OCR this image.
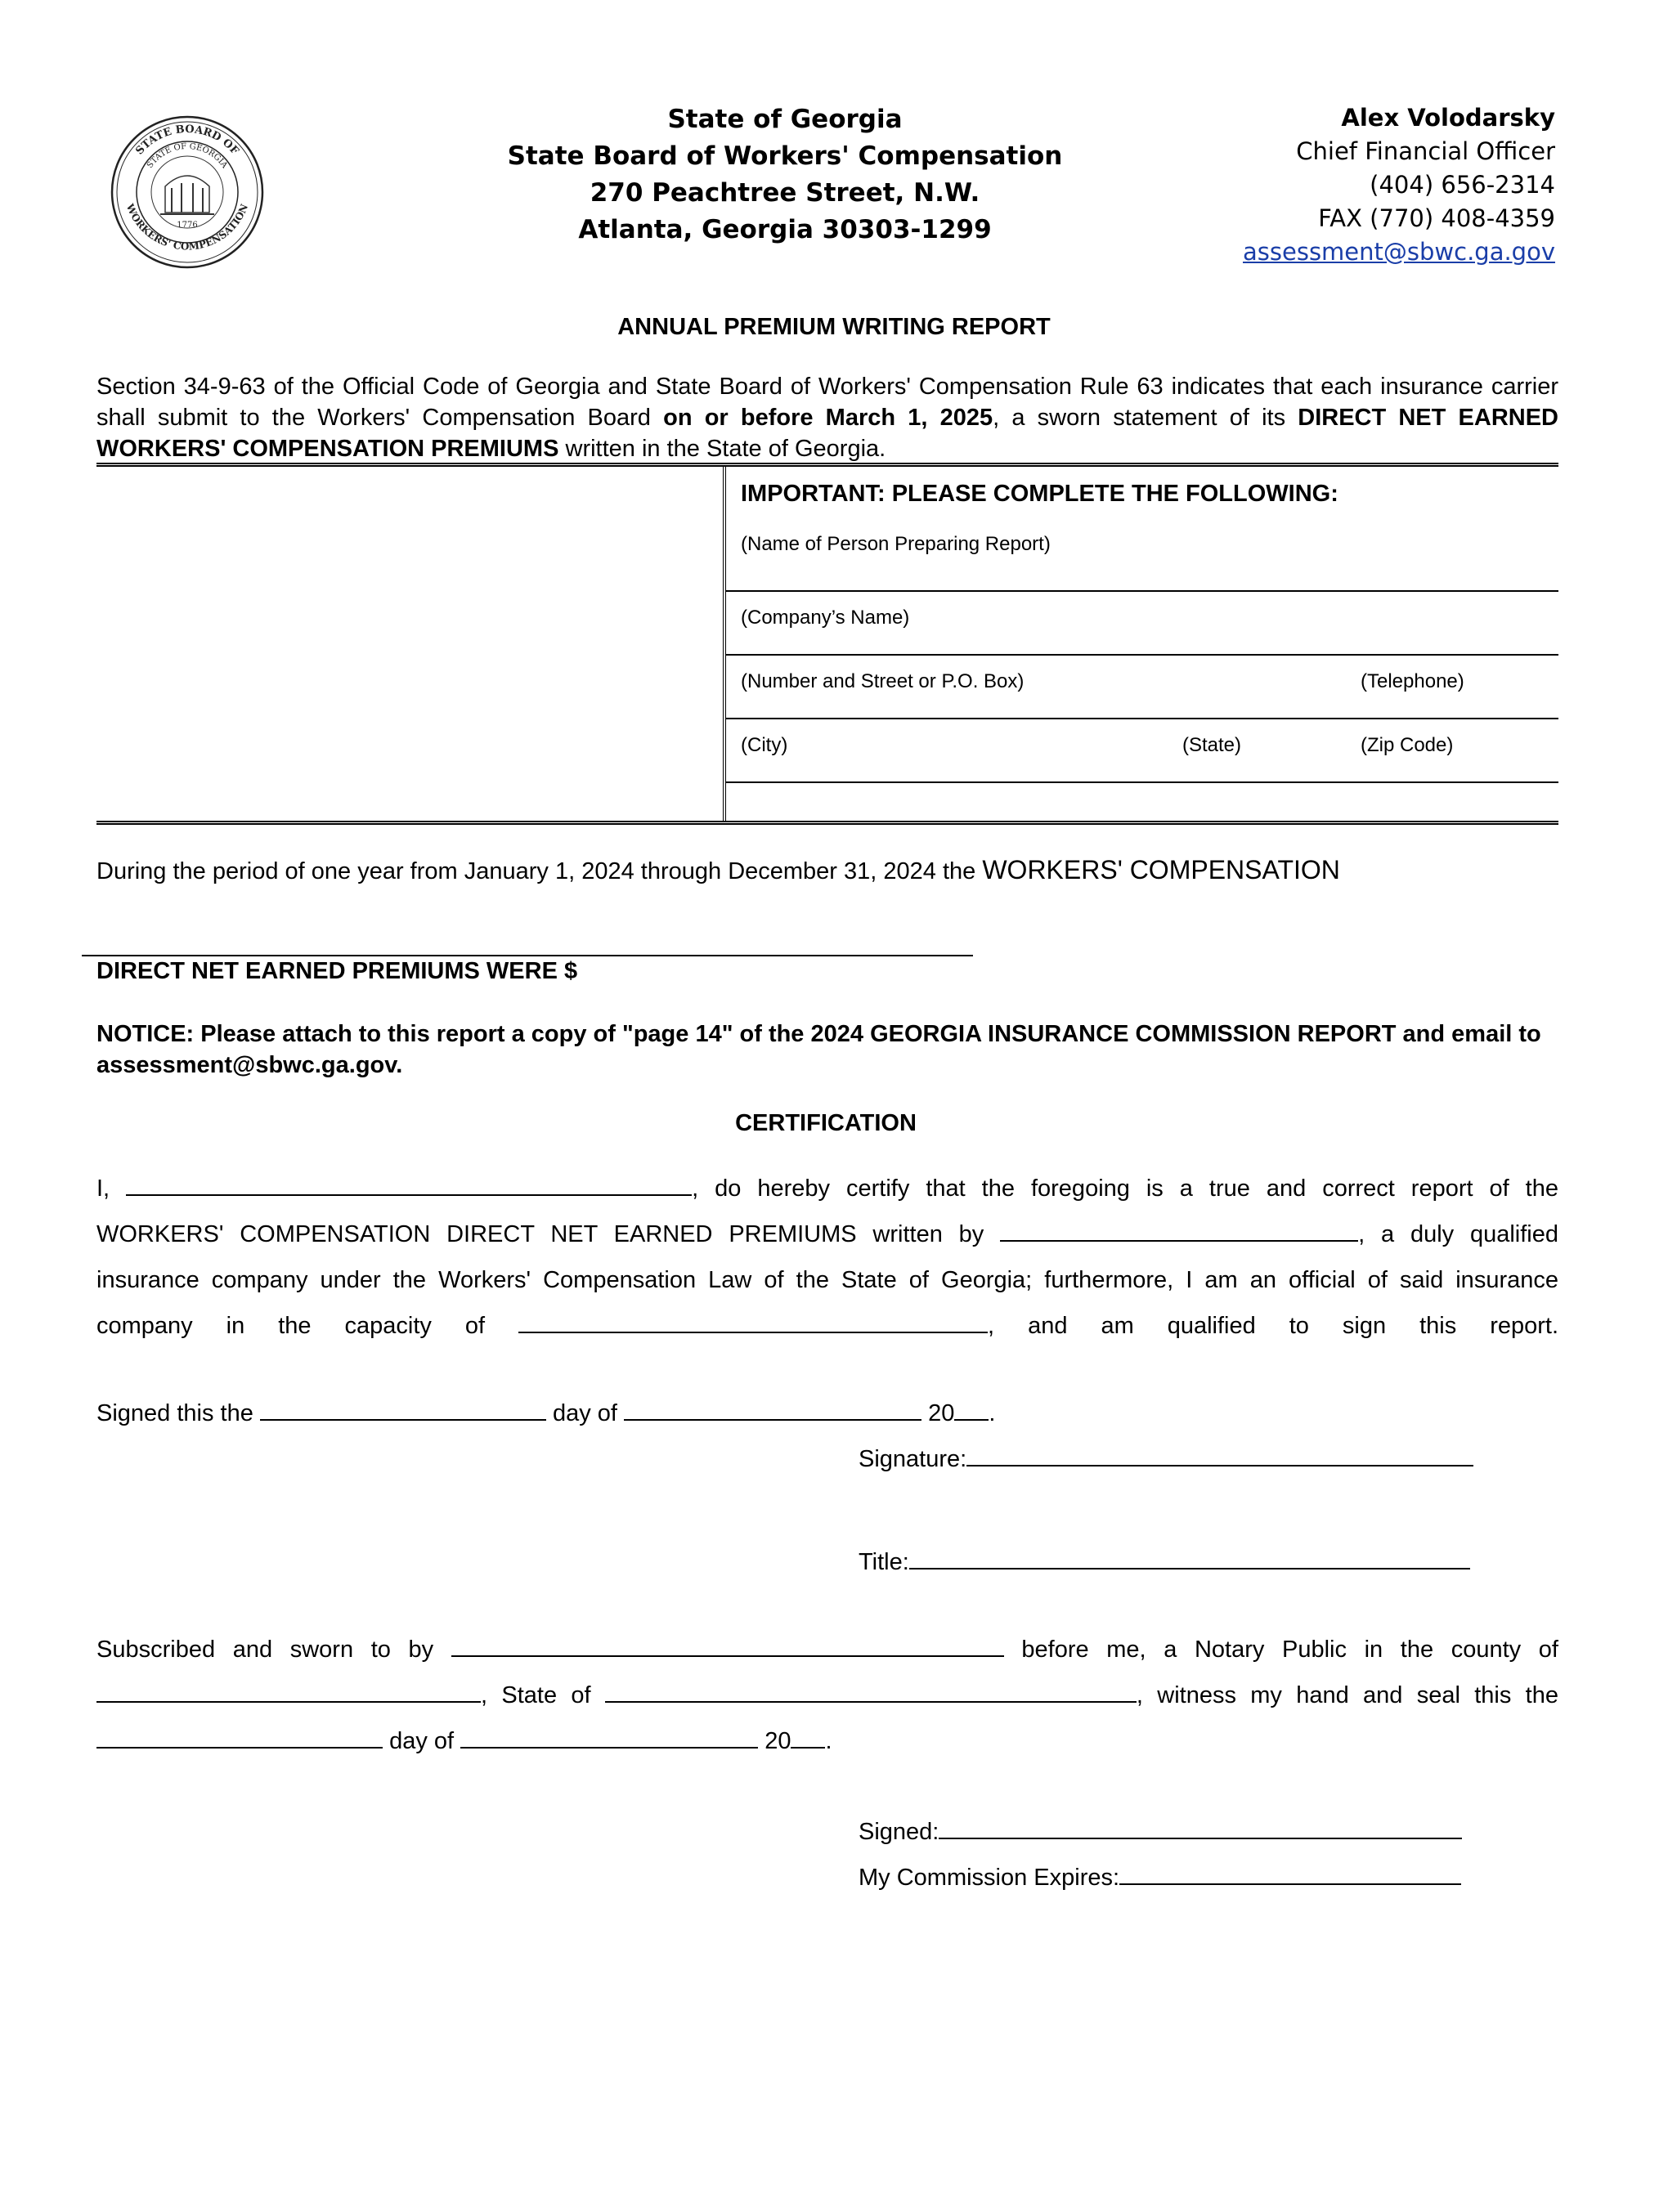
STATE BOARD OF
WORKERS' COMPENSATION
STATE OF GEORGIA
1776
State of Georgia
State Board of Workers' Compensation
270 Peachtree Street, N.W.
Atlanta, Georgia 30303-1299
Alex Volodarsky
Chief Financial Officer
(404) 656-2314
FAX (770) 408-4359
assessment@sbwc.ga.gov
ANNUAL PREMIUM WRITING REPORT
Section 34-9-63 of the Official Code of Georgia and State Board of Workers' Compensation Rule 63 indicates that each insurance carrier shall submit to the Workers' Compensation Board on or before March 1, 2025, a sworn statement of its DIRECT NET EARNED WORKERS' COMPENSATION PREMIUMS written in the State of Georgia.
IMPORTANT: PLEASE COMPLETE THE FOLLOWING:
(Name of Person Preparing Report)
(Company’s Name)
(Number and Street or P.O. Box)	(Telephone)
(City)	(State)	(Zip Code)
During the period of one year from January 1, 2024 through December 31, 2024 the WORKERS' COMPENSATION
DIRECT NET EARNED PREMIUMS WERE $
NOTICE: Please attach to this report a copy of "page 14" of the 2024 GEORGIA INSURANCE COMMISSION REPORT and email to assessment@sbwc.ga.gov.
CERTIFICATION
I,	, do hereby certify that the foregoing is a true and correct report of the
WORKERS' COMPENSATION DIRECT NET EARNED PREMIUMS written by	, a duly qualified
insurance company under the Workers' Compensation Law of the State of Georgia; furthermore, I am an official of said insurance
company in the capacity of	, and am qualified to sign this report.
Signed this the	day of	20 .
Signature:
Title:
Subscribed and sworn to by	before me, a Notary Public in the county of
, State of	, witness my hand and seal this the
day of	20 .
Signed:
My Commission Expires:
